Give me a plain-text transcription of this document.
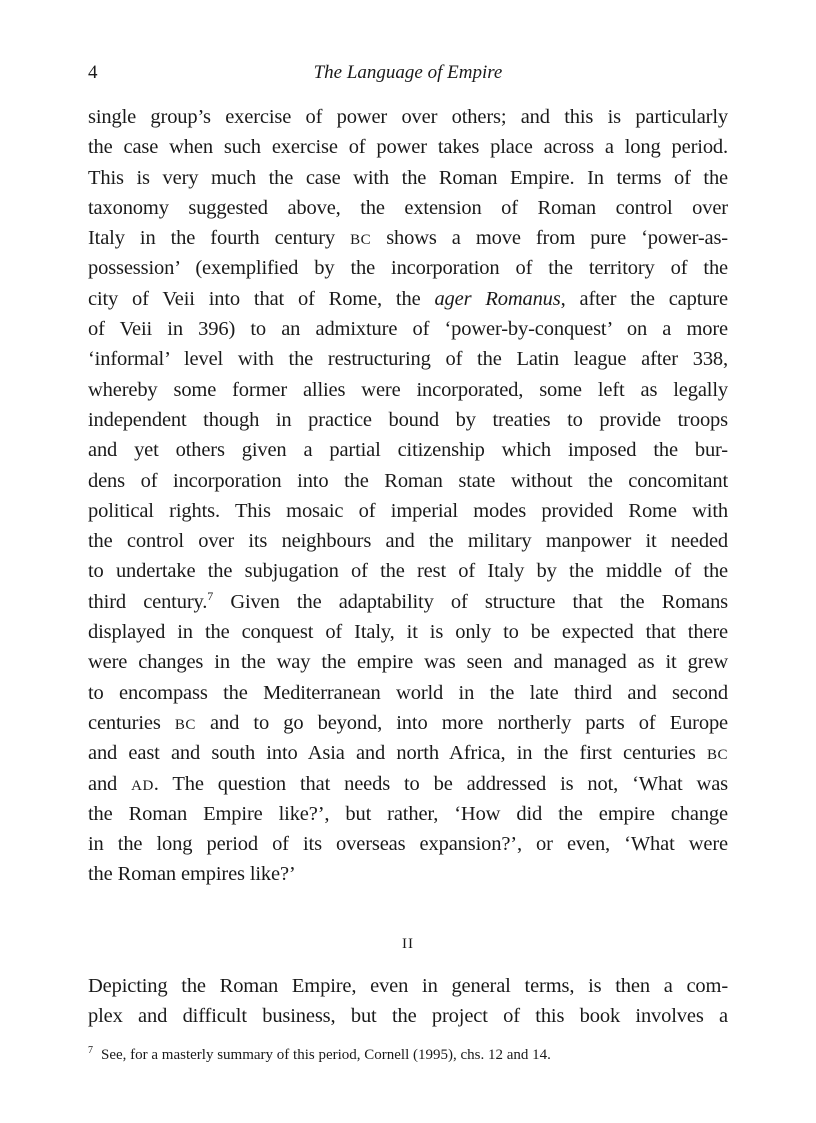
4	The Language of Empire
single group’s exercise of power over others; and this is particularly
the case when such exercise of power takes place across a long period.
This is very much the case with the Roman Empire. In terms of the
taxonomy suggested above, the extension of Roman control over
Italy in the fourth century BC shows a move from pure ‘power-as-
possession’ (exemplified by the incorporation of the territory of the
city of Veii into that of Rome, the ager Romanus, after the capture
of Veii in 396) to an admixture of ‘power-by-conquest’ on a more
‘informal’ level with the restructuring of the Latin league after 338,
whereby some former allies were incorporated, some left as legally
independent though in practice bound by treaties to provide troops
and yet others given a partial citizenship which imposed the bur-
dens of incorporation into the Roman state without the concomitant
political rights. This mosaic of imperial modes provided Rome with
the control over its neighbours and the military manpower it needed
to undertake the subjugation of the rest of Italy by the middle of the
third century.$^7$ Given the adaptability of structure that the Romans
displayed in the conquest of Italy, it is only to be expected that there
were changes in the way the empire was seen and managed as it grew
to encompass the Mediterranean world in the late third and second
centuries BC and to go beyond, into more northerly parts of Europe
and east and south into Asia and north Africa, in the first centuries BC
and AD. The question that needs to be addressed is not, ‘What was
the Roman Empire like?’, but rather, ‘How did the empire change
in the long period of its overseas expansion?’, or even, ‘What were
the Roman empires like?’
II
Depicting the Roman Empire, even in general terms, is then a com-
plex and difficult business, but the project of this book involves a
$^7$ See, for a masterly summary of this period, Cornell (1995), chs. 12 and 14.
